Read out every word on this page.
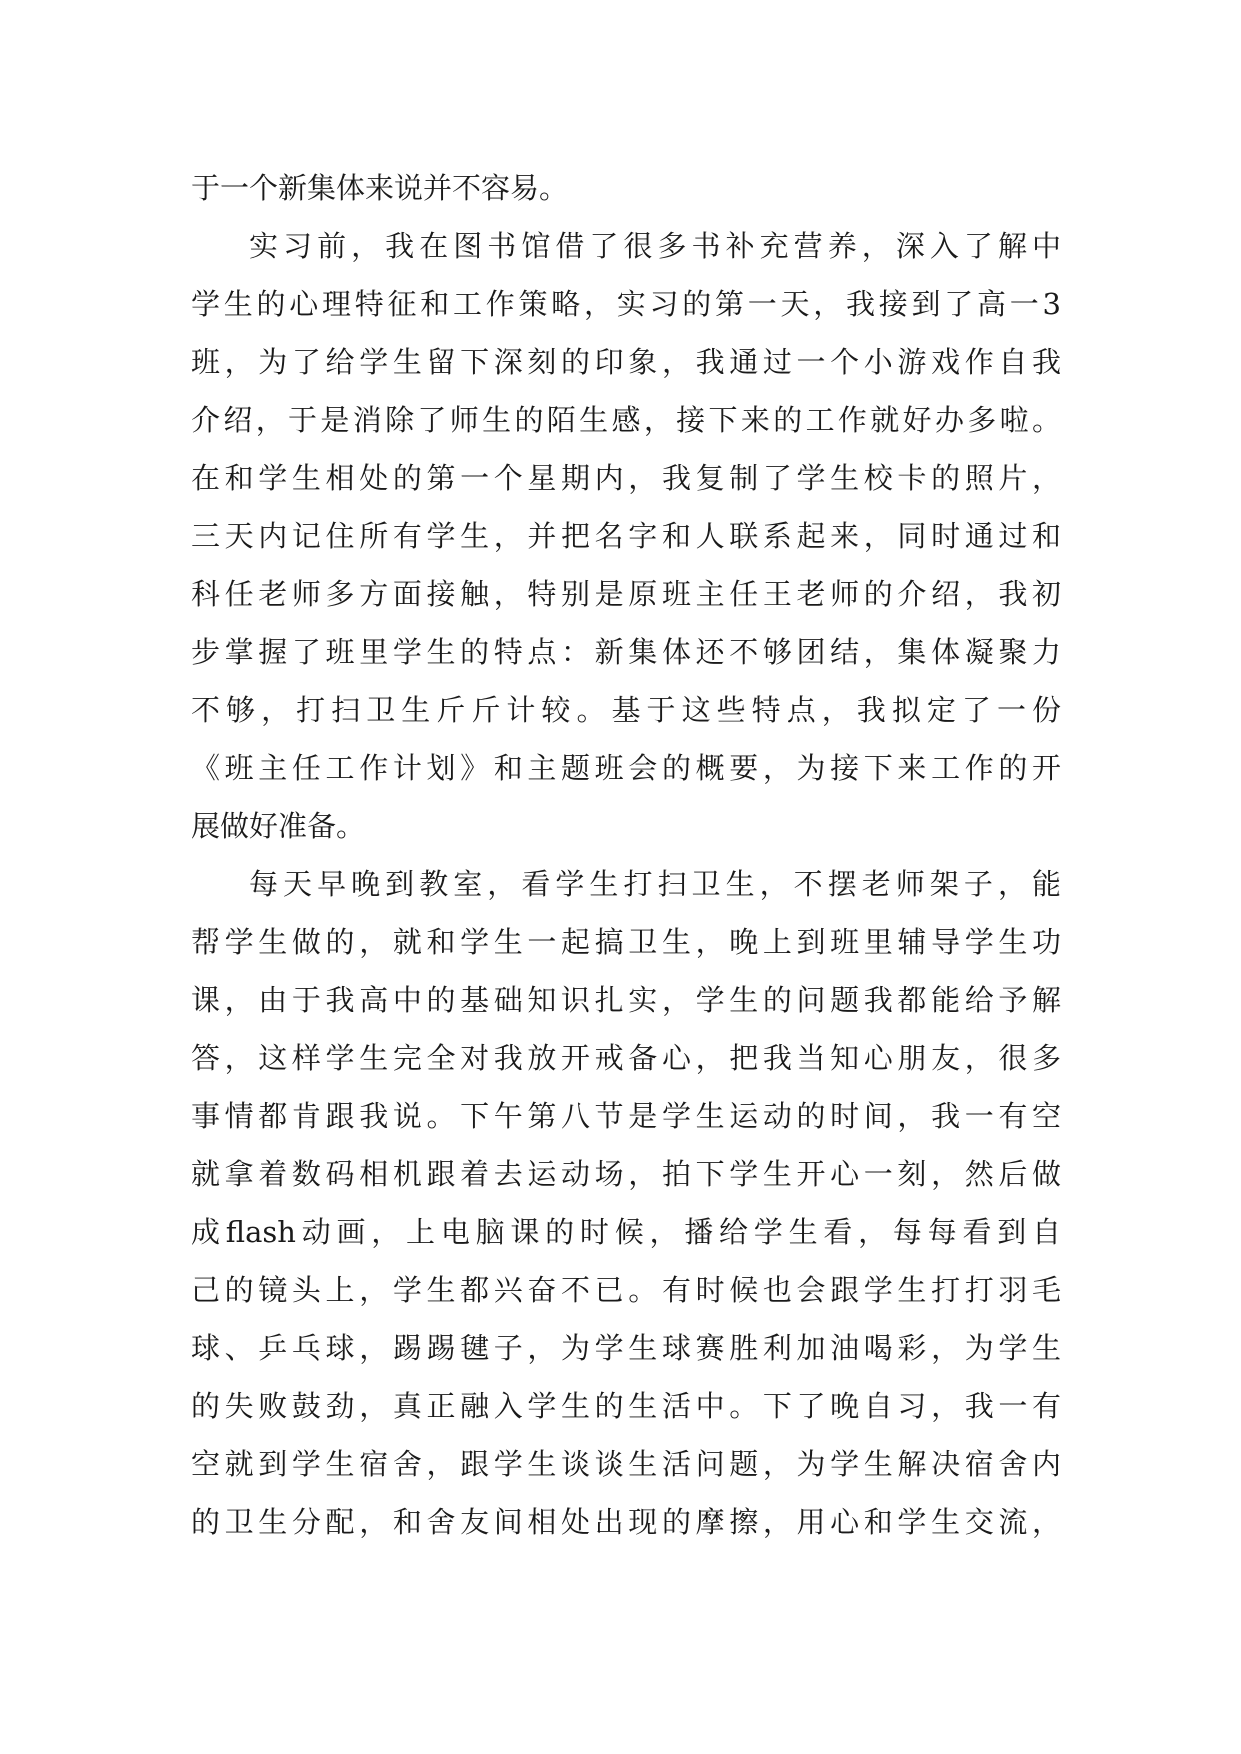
于一个新集体来说并不容易。
实习前，我在图书馆借了很多书补充营养，深入了解中
学生的心理特征和工作策略，实习的第一天，我接到了高一3
班，为了给学生留下深刻的印象，我通过一个小游戏作自我
介绍，于是消除了师生的陌生感，接下来的工作就好办多啦。
在和学生相处的第一个星期内，我复制了学生校卡的照片，
三天内记住所有学生，并把名字和人联系起来，同时通过和
科任老师多方面接触，特别是原班主任王老师的介绍，我初
步掌握了班里学生的特点：新集体还不够团结，集体凝聚力
不够，打扫卫生斤斤计较。基于这些特点，我拟定了一份
《班主任工作计划》和主题班会的概要，为接下来工作的开
展做好准备。
每天早晚到教室，看学生打扫卫生，不摆老师架子，能
帮学生做的，就和学生一起搞卫生，晚上到班里辅导学生功
课，由于我高中的基础知识扎实，学生的问题我都能给予解
答，这样学生完全对我放开戒备心，把我当知心朋友，很多
事情都肯跟我说。下午第八节是学生运动的时间，我一有空
就拿着数码相机跟着去运动场，拍下学生开心一刻，然后做
成flash动画，上电脑课的时候，播给学生看，每每看到自
己的镜头上，学生都兴奋不已。有时候也会跟学生打打羽毛
球、乒乓球，踢踢毽子，为学生球赛胜利加油喝彩，为学生
的失败鼓劲，真正融入学生的生活中。下了晚自习，我一有
空就到学生宿舍，跟学生谈谈生活问题，为学生解决宿舍内
的卫生分配，和舍友间相处出现的摩擦，用心和学生交流，
